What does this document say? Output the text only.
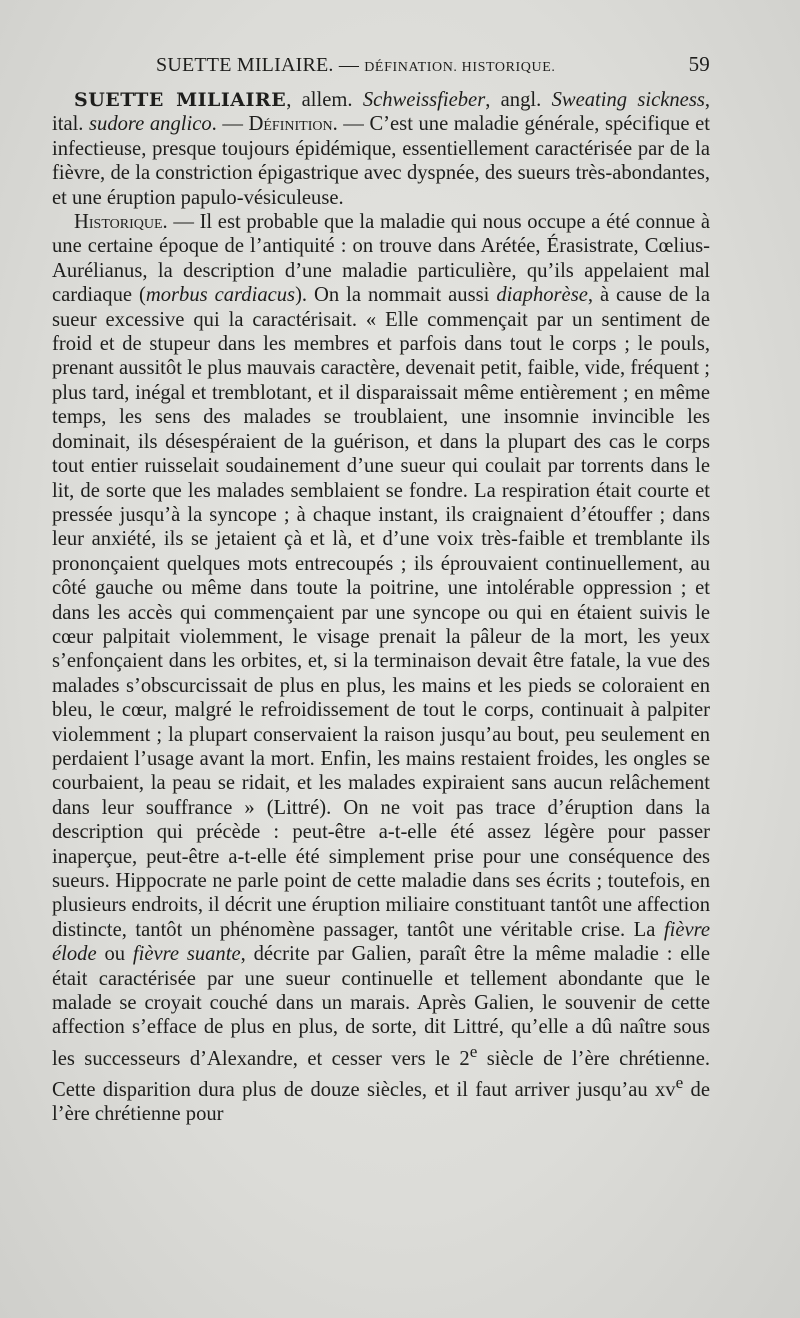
SUETTE MILIAIRE. — DÉFINATION. HISTORIQUE.	59

SUETTE MILIAIRE, allem. Schweissfieber, angl. Sweating sickness, ital. sudore anglico. — Définition. — C’est une maladie générale, spécifique et infectieuse, presque toujours épidémique, essentiellement caractérisée par de la fièvre, de la constriction épigastrique avec dyspnée, des sueurs très-abondantes, et une éruption papulo-vésiculeuse.

Historique. — Il est probable que la maladie qui nous occupe a été connue à une certaine époque de l’antiquité : on trouve dans Arétée, Érasistrate, Cœlius-Aurélianus, la description d’une maladie particulière, qu’ils appelaient mal cardiaque (morbus cardiacus). On la nommait aussi diaphorèse, à cause de la sueur excessive qui la caractérisait. « Elle commençait par un sentiment de froid et de stupeur dans les membres et parfois dans tout le corps ; le pouls, prenant aussitôt le plus mauvais caractère, devenait petit, faible, vide, fréquent ; plus tard, inégal et tremblotant, et il disparaissait même entièrement ; en même temps, les sens des malades se troublaient, une insomnie invincible les dominait, ils désespéraient de la guérison, et dans la plupart des cas le corps tout entier ruisselait soudainement d’une sueur qui coulait par torrents dans le lit, de sorte que les malades semblaient se fondre. La respiration était courte et pressée jusqu’à la syncope ; à chaque instant, ils craignaient d’étouffer ; dans leur anxiété, ils se jetaient çà et là, et d’une voix très-faible et tremblante ils prononçaient quelques mots entrecoupés ; ils éprouvaient continuellement, au côté gauche ou même dans toute la poitrine, une intolérable oppression ; et dans les accès qui commençaient par une syncope ou qui en étaient suivis le cœur palpitait violemment, le visage prenait la pâleur de la mort, les yeux s’enfonçaient dans les orbites, et, si la terminaison devait être fatale, la vue des malades s’obscurcissait de plus en plus, les mains et les pieds se coloraient en bleu, le cœur, malgré le refroidissement de tout le corps, continuait à palpiter violemment ; la plupart conservaient la raison jusqu’au bout, peu seulement en perdaient l’usage avant la mort. Enfin, les mains restaient froides, les ongles se courbaient, la peau se ridait, et les malades expiraient sans aucun relâchement dans leur souffrance » (Littré). On ne voit pas trace d’éruption dans la description qui précède : peut-être a-t-elle été assez légère pour passer inaperçue, peut-être a-t-elle été simplement prise pour une conséquence des sueurs. Hippocrate ne parle point de cette maladie dans ses écrits ; toutefois, en plusieurs endroits, il décrit une éruption miliaire constituant tantôt une affection distincte, tantôt un phénomène passager, tantôt une véritable crise. La fièvre élode ou fièvre suante, décrite par Galien, paraît être la même maladie : elle était caractérisée par une sueur continuelle et tellement abondante que le malade se croyait couché dans un marais. Après Galien, le souvenir de cette affection s’efface de plus en plus, de sorte, dit Littré, qu’elle a dû naître sous les successeurs d’Alexandre, et cesser vers le 2e siècle de l’ère chrétienne. Cette disparition dura plus de douze siècles, et il faut arriver jusqu’au $xv^e$ de l’ère chrétienne pour
